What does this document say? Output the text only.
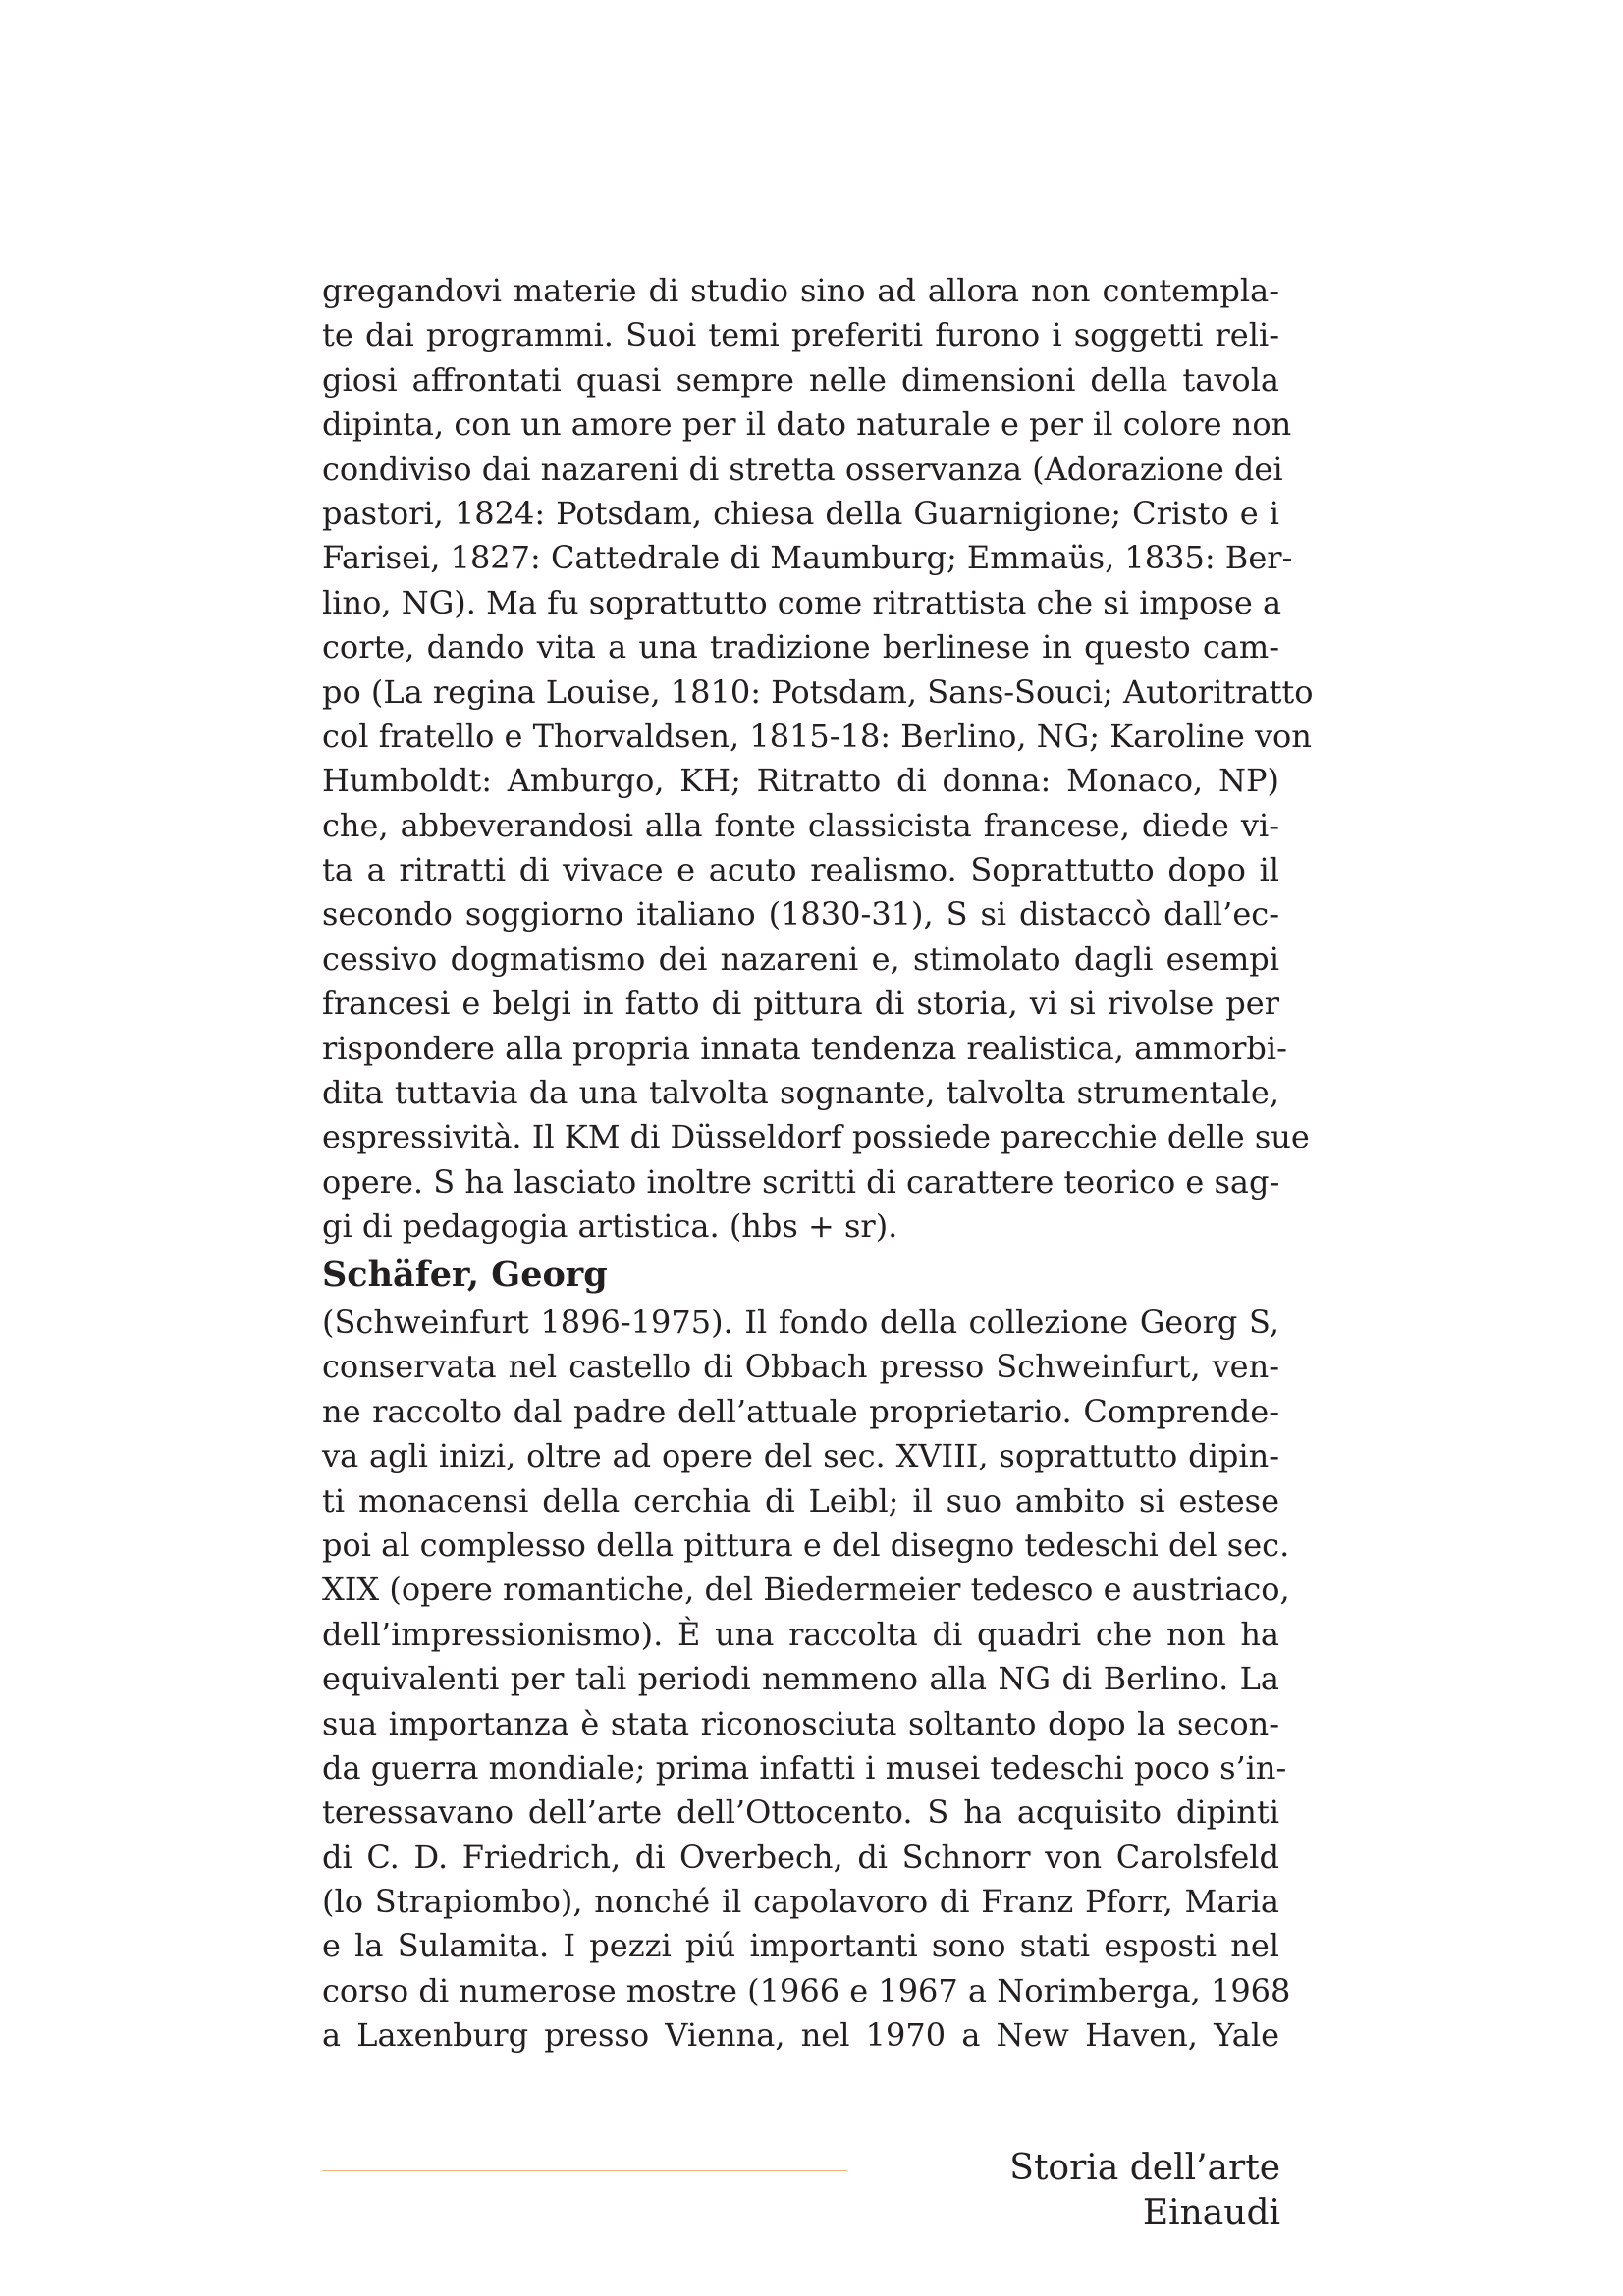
gregandovi materie di studio sino ad allora non contempla-
te dai programmi. Suoi temi preferiti furono i soggetti reli-
giosi affrontati quasi sempre nelle dimensioni della tavola
dipinta, con un amore per il dato naturale e per il colore non
condiviso dai nazareni di stretta osservanza (Adorazione dei
pastori, 1824: Potsdam, chiesa della Guarnigione; Cristo e i
Farisei, 1827: Cattedrale di Maumburg; Emmaüs, 1835: Ber-
lino, NG). Ma fu soprattutto come ritrattista che si impose a
corte, dando vita a una tradizione berlinese in questo cam-
po (La regina Louise, 1810: Potsdam, Sans-Souci; Autoritratto
col fratello e Thorvaldsen, 1815-18: Berlino, NG; Karoline von
Humboldt: Amburgo, KH; Ritratto di donna: Monaco, NP)
che, abbeverandosi alla fonte classicista francese, diede vi-
ta a ritratti di vivace e acuto realismo. Soprattutto dopo il
secondo soggiorno italiano (1830-31), S si distaccò dall’ec-
cessivo dogmatismo dei nazareni e, stimolato dagli esempi
francesi e belgi in fatto di pittura di storia, vi si rivolse per
rispondere alla propria innata tendenza realistica, ammorbi-
dita tuttavia da una talvolta sognante, talvolta strumentale,
espressività. Il KM di Düsseldorf possiede parecchie delle sue
opere. S ha lasciato inoltre scritti di carattere teorico e sag-
gi di pedagogia artistica. (hbs + sr).
Schäfer, Georg
(Schweinfurt 1896-1975). Il fondo della collezione Georg S,
conservata nel castello di Obbach presso Schweinfurt, ven-
ne raccolto dal padre dell’attuale proprietario. Comprende-
va agli inizi, oltre ad opere del sec. XVIII, soprattutto dipin-
ti monacensi della cerchia di Leibl; il suo ambito si estese
poi al complesso della pittura e del disegno tedeschi del sec.
XIX (opere romantiche, del Biedermeier tedesco e austriaco,
dell’impressionismo). È una raccolta di quadri che non ha
equivalenti per tali periodi nemmeno alla NG di Berlino. La
sua importanza è stata riconosciuta soltanto dopo la secon-
da guerra mondiale; prima infatti i musei tedeschi poco s’in-
teressavano dell’arte dell’Ottocento. S ha acquisito dipinti
di C. D. Friedrich, di Overbech, di Schnorr von Carolsfeld
(lo Strapiombo), nonché il capolavoro di Franz Pforr, Maria
e la Sulamita. I pezzi piú importanti sono stati esposti nel
corso di numerose mostre (1966 e 1967 a Norimberga, 1968
a Laxenburg presso Vienna, nel 1970 a New Haven, Yale
Storia dell’arte Einaudi
